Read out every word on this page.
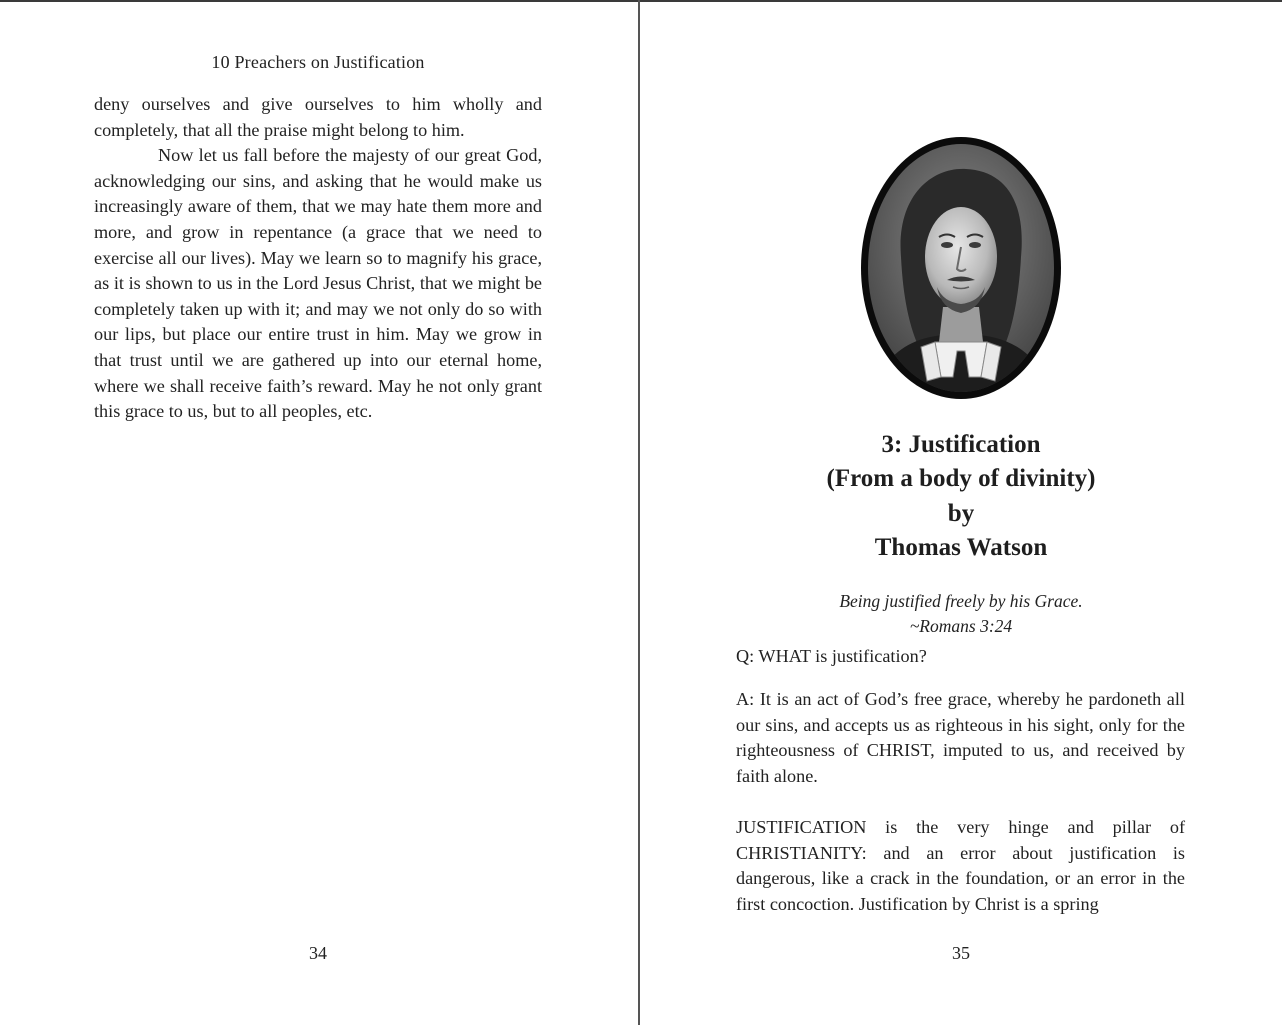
10 Preachers on Justification

deny ourselves and give ourselves to him wholly and completely, that all the praise might belong to him.

Now let us fall before the majesty of our great God, acknowledging our sins, and asking that he would make us increasingly aware of them, that we may hate them more and more, and grow in repentance (a grace that we need to exercise all our lives). May we learn so to magnify his grace, as it is shown to us in the Lord Jesus Christ, that we might be completely taken up with it; and may we not only do so with our lips, but place our entire trust in him. May we grow in that trust until we are gathered up into our eternal home, where we shall receive faith’s reward. May he not only grant this grace to us, but to all peoples, etc.

34
3: Justification
(From a body of divinity)
by
Thomas Watson
Being justified freely by his Grace.
~Romans 3:24
Q: WHAT is justification?
A: It is an act of God’s free grace, whereby he pardoneth all our sins, and accepts us as righteous in his sight, only for the righteousness of CHRIST, imputed to us, and received by faith alone.
JUSTIFICATION is the very hinge and pillar of CHRISTIANITY: and an error about justification is dangerous, like a crack in the foundation, or an error in the first concoction. Justification by Christ is a spring
35
